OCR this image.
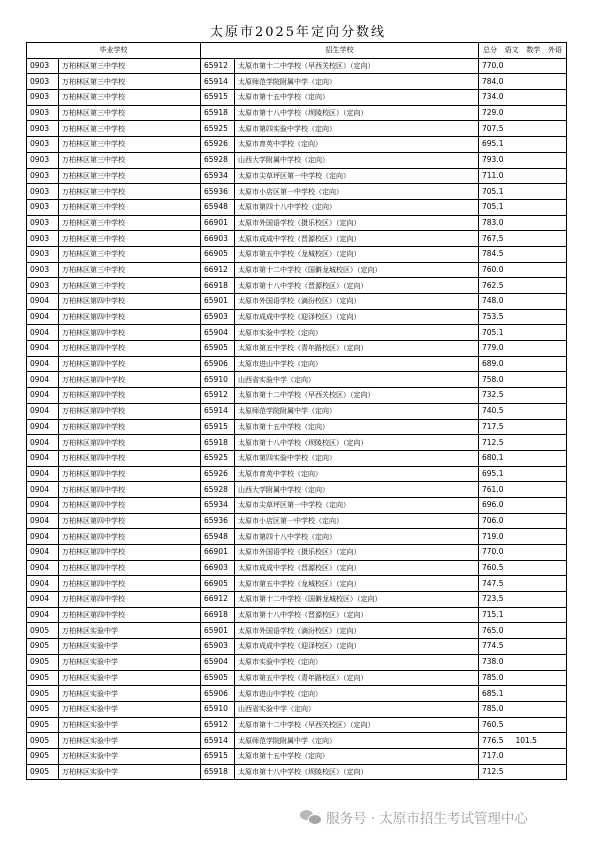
太原市2025年定向分数线
毕业学校		招生学校		总分 语文 数学 外语

0903	万柏林区第三中学校	65912	太原市第十二中学校（早西关校区）（定向）	770.0

0903	万柏林区第三中学校	65914	太原师范学院附属中学（定向）	784.0

0903	万柏林区第三中学校	65915	太原市第十五中学校（定向）	734.0

0903	万柏林区第三中学校	65918	太原市第十八中学校（坝陵校区）（定向）	729.0

0903	万柏林区第三中学校	65925	太原市第四实验中学校（定向）	707.5

0903	万柏林区第三中学校	65926	太原市育英中学校（定向）	695.1

0903	万柏林区第三中学校	65928	山西大学附属中学校（定向）	793.0

0903	万柏林区第三中学校	65934	太原市尖草坪区第一中学校（定向）	711.0

0903	万柏林区第三中学校	65936	太原市小店区第一中学校（定向）	705.1

0903	万柏林区第三中学校	65948	太原市第四十八中学校（定向）	705.1

0903	万柏林区第三中学校	66901	太原市外国语学校（摄乐校区）（定向）	783.0

0903	万柏林区第三中学校	66903	太原市成成中学校（晋源校区）（定向）	767.5

0903	万柏林区第三中学校	66905	太原市第五中学校（龙城校区）（定向）	784.5

0903	万柏林区第三中学校	66912	太原市第十二中学校（国僻龙城校区）（定向）	760.0

0903	万柏林区第三中学校	66918	太原市第十八中学校（晋源校区）（定向）	762.5

0904	万柏林区第四中学校	65901	太原市外国语学校（滴汾校区）（定向）	748.0

0904	万柏林区第四中学校	65903	太原市成成中学校（迎泽校区）（定向）	753.5

0904	万柏林区第四中学校	65904	太原市实验中学校（定向）	705.1

0904	万柏林区第四中学校	65905	太原市第五中学校（青年路校区）（定向）	779.0

0904	万柏林区第四中学校	65906	太原市进山中学校（定向）	689.0

0904	万柏林区第四中学校	65910	山西省实验中学（定向）	758.0

0904	万柏林区第四中学校	65912	太原市第十二中学校（早西关校区）（定向）	732.5

0904	万柏林区第四中学校	65914	太原师范学院附属中学（定向）	740.5

0904	万柏林区第四中学校	65915	太原市第十五中学校（定向）	717.5

0904	万柏林区第四中学校	65918	太原市第十八中学校（坝陵校区）（定向）	712.5

0904	万柏林区第四中学校	65925	太原市第四实验中学校（定向）	680.1

0904	万柏林区第四中学校	65926	太原市育英中学校（定向）	695.1

0904	万柏林区第四中学校	65928	山西大学附属中学校（定向）	761.0

0904	万柏林区第四中学校	65934	太原市尖草坪区第一中学校（定向）	696.0

0904	万柏林区第四中学校	65936	太原市小店区第一中学校（定向）	706.0

0904	万柏林区第四中学校	65948	太原市第四十八中学校（定向）	719.0

0904	万柏林区第四中学校	66901	太原市外国语学校（摄乐校区）（定向）	770.0

0904	万柏林区第四中学校	66903	太原市成成中学校（晋源校区）（定向）	760.5

0904	万柏林区第四中学校	66905	太原市第五中学校（龙城校区）（定向）	747.5

0904	万柏林区第四中学校	66912	太原市第十二中学校（国僻龙城校区）（定向）	723.5

0904	万柏林区第四中学校	66918	太原市第十八中学校（晋源校区）（定向）	715.1

0905	万柏林区实验中学	65901	太原市外国语学校（滴汾校区）（定向）	765.0

0905	万柏林区实验中学	65903	太原市成成中学校（迎泽校区）（定向）	774.5

0905	万柏林区实验中学	65904	太原市实验中学校（定向）	738.0

0905	万柏林区实验中学	65905	太原市第五中学校（青年路校区）（定向）	785.0

0905	万柏林区实验中学	65906	太原市进山中学校（定向）	685.1

0905	万柏林区实验中学	65910	山西省实验中学（定向）	785.0

0905	万柏林区实验中学	65912	太原市第十二中学校（早西关校区）（定向）	760.5

0905	万柏林区实验中学	65914	太原师范学院附属中学（定向）	776.5 101.5

0905	万柏林区实验中学	65915	太原市第十五中学校（定向）	717.0

0905	万柏林区实验中学	65918	太原市第十八中学校（坝陵校区）（定向）	712.5
服务号 · 太原市招生考试管理中心
